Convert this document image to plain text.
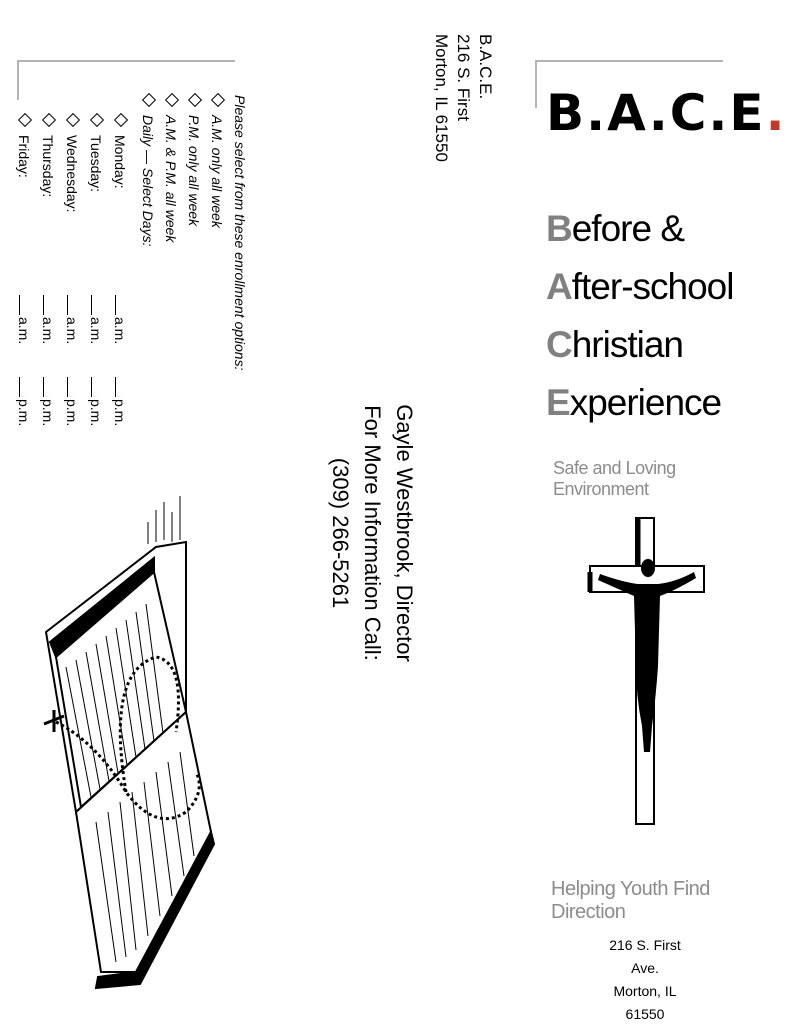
Please select from these enrollment options:
A.M. only all week
P.M. only all week
A.M. & P.M. all week
Daily — Select Days:
Monday:a.m.p.m.
Tuesday:a.m.p.m.
Wednesday:a.m.p.m.
Thursday:a.m.p.m.
Friday:a.m.p.m.
B.A.C.E.
216 S. First
Morton, IL 61550
Gayle Westbrook, Director
For More Information Call:
(309) 266-5261
B.A.C.E.
Before &
After-school
Christian
Experience
Safe and Loving Environment
Helping Youth Find Direction
216 S. First Ave.
Morton, IL 61550
